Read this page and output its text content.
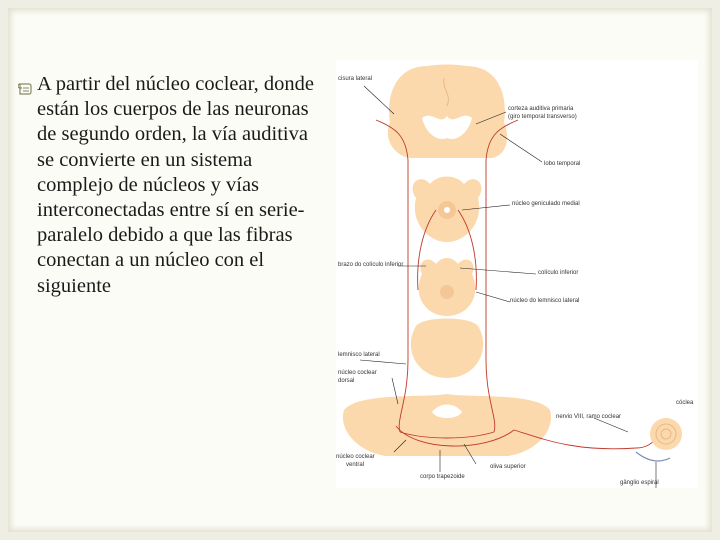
A partir del núcleo coclear, donde están los cuerpos de las neuronas de segundo orden, la vía auditiva se convierte en un sistema complejo de núcleos y vías interconectadas entre sí en serie-paralelo debido a que las fibras conectan a un núcleo con el siguiente
cisura lateral
corteza auditiva primaria
(giro temporal transverso)
lobo temporal
núcleo geniculado medial
brazo do colículo inferior
colículo inferior
núcleo do lemnisco lateral
lemnisco lateral
núcleo coclear
dorsal
nervio VIII, ramo coclear
cóclea
núcleo coclear
ventral	oliva superior
corpo trapezoide
gânglio espiral
